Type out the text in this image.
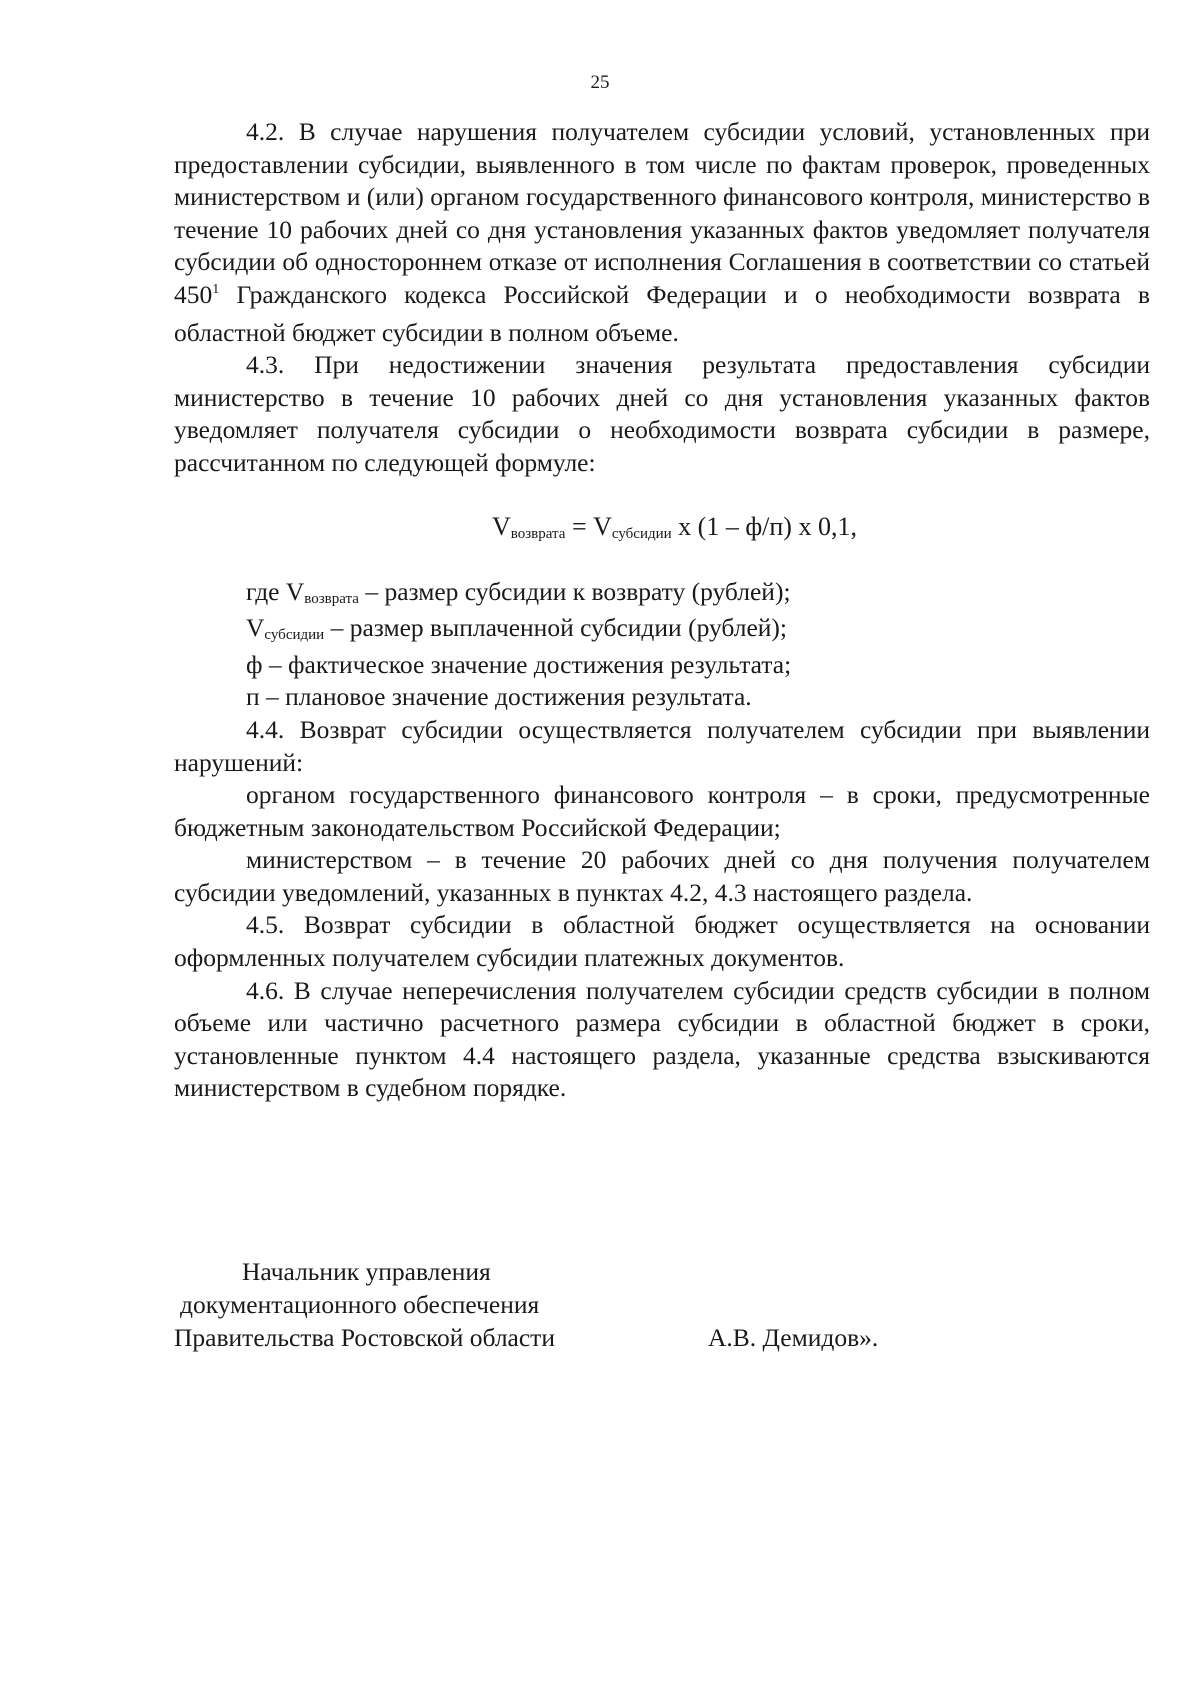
25

4.2. В случае нарушения получателем субсидии условий, установленных при предоставлении субсидии, выявленного в том числе по фактам проверок, проведенных министерством и (или) органом государственного финансового контроля, министерство в течение 10 рабочих дней со дня установления указанных фактов уведомляет получателя субсидии об одностороннем отказе от исполнения Соглашения в соответствии со статьей $450^1$ Гражданского кодекса Российской Федерации и о необходимости возврата в областной бюджет субсидии в полном объеме.

4.3. При недостижении значения результата предоставления субсидии министерство в течение 10 рабочих дней со дня установления указанных фактов уведомляет получателя субсидии о необходимости возврата субсидии в размере, рассчитанном по следующей формуле:

$V_{возврата} = V_{субсидии}$ x (1 – ф/п) x 0,1,

где $V_{возврата}$ – размер субсидии к возврату (рублей);

$V_{субсидии}$ – размер выплаченной субсидии (рублей);

ф – фактическое значение достижения результата;

п – плановое значение достижения результата.

4.4. Возврат субсидии осуществляется получателем субсидии при выявлении нарушений:

органом государственного финансового контроля – в сроки, предусмотренные бюджетным законодательством Российской Федерации;

министерством – в течение 20 рабочих дней со дня получения получателем субсидии уведомлений, указанных в пунктах 4.2, 4.3 настоящего раздела.

4.5. Возврат субсидии в областной бюджет осуществляется на основании оформленных получателем субсидии платежных документов.

4.6. В случае неперечисления получателем субсидии средств субсидии в полном объеме или частично расчетного размера субсидии в областной бюджет в сроки, установленные пунктом 4.4 настоящего раздела, указанные средства взыскиваются министерством в судебном порядке.

Начальник управления
документационного обеспечения
Правительства Ростовской области	А.В. Демидов».
